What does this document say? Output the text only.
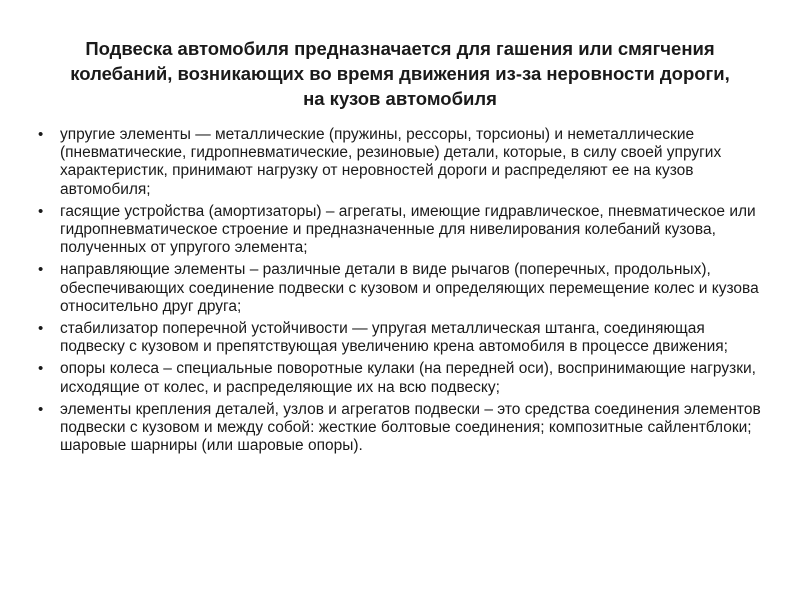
Подвеска автомобиля предназначается для гашения или смягчения колебаний, возникающих во время движения из-за неровности дороги, на кузов автомобиля
• упругие элементы — металлические (пружины, рессоры, торсионы) и неметаллические (пневматические, гидропневматические, резиновые) детали, которые, в силу своей упругих характеристик, принимают нагрузку от неровностей дороги и распределяют ее на кузов автомобиля;
• гасящие устройства (амортизаторы) – агрегаты, имеющие гидравлическое, пневматическое или гидропневматическое строение и предназначенные для нивелирования колебаний кузова, полученных от упругого элемента;
• направляющие элементы – различные детали в виде рычагов (поперечных, продольных), обеспечивающих соединение подвески с кузовом и определяющих перемещение колес и кузова относительно друг друга;
• стабилизатор поперечной устойчивости — упругая металлическая штанга, соединяющая подвеску с кузовом и препятствующая увеличению крена автомобиля в процессе движения;
• опоры колеса – специальные поворотные кулаки (на передней оси), воспринимающие нагрузки, исходящие от колес, и распределяющие их на всю подвеску;
• элементы крепления деталей, узлов и агрегатов подвески – это средства соединения элементов подвески с кузовом и между собой: жесткие болтовые соединения; композитные сайлентблоки; шаровые шарниры (или шаровые опоры).
